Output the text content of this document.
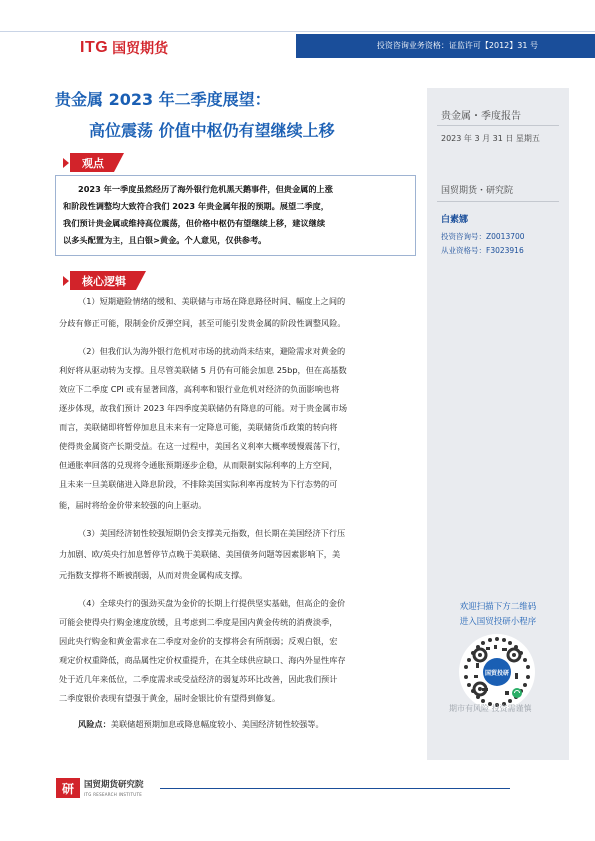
ITG 国贸期货	投资咨询业务资格：证监许可【2012】31 号
贵金属・季度报告
2023 年 3 月 31 日 星期五
国贸期货・研究院
白素娜
投资咨询号：Z0013700
从业资格号：F3023916
欢迎扫描下方二维码
进入国贸投研小程序
国贸投研
期市有风险 投资需谨慎
贵金属 2023 年二季度展望：
高位震荡 价值中枢仍有望继续上移
观点
2023 年一季度虽然经历了海外银行危机黑天鹅事件，但贵金属的上涨
和阶段性调整均大致符合我们 2023 年贵金属年报的预期。展望二季度，
我们预计贵金属或维持高位震荡，但价格中枢仍有望继续上移，建议继续
以多头配置为主，且白银>黄金。个人意见，仅供参考。
核心逻辑
（1）短期避险情绪的缓和、美联储与市场在降息路径时间、幅度上之间的
分歧有修正可能，限制金价反弹空间，甚至可能引发贵金属的阶段性调整风险。
（2）但我们认为海外银行危机对市场的扰动尚未结束，避险需求对黄金的
利好将从驱动转为支撑。且尽管美联储 5 月仍有可能会加息 25bp，但在高基数
效应下二季度 CPI 或有显著回落，高利率和银行业危机对经济的负面影响也将
逐步体现，故我们预计 2023 年四季度美联储仍有降息的可能。对于贵金属市场
而言，美联储即将暂停加息且未来有一定降息可能，美联储货币政策的转向将
使得贵金属资产长期受益。在这一过程中，美国名义利率大概率缓慢震荡下行，
但通胀率回落的兑现将令通胀预期逐步企稳，从而限制实际利率的上方空间，
且未来一旦美联储进入降息阶段，不排除美国实际利率再度转为下行态势的可
能，届时将给金价带来较强的向上驱动。
（3）美国经济韧性较强短期仍会支撑美元指数，但长期在美国经济下行压
力加剧、欧/英央行加息暂停节点晚于美联储、美国债务问题等因素影响下，美
元指数支撑将不断被削弱，从而对贵金属构成支撑。
（4）全球央行的强劲买盘为金价的长期上行提供坚实基础，但高企的金价
可能会使得央行购金速度放缓，且考虑到二季度是国内黄金传统的消费淡季，
因此央行购金和黄金需求在二季度对金价的支撑将会有所削弱；反观白银，宏
观定价权重降低，商品属性定价权重提升，在其全球供应缺口、海内外显性库存
处于近几年来低位，二季度需求或受益经济的弱复苏环比改善，因此我们预计
二季度银价表现有望强于黄金，届时金银比价有望得到修复。
风险点：美联储超预期加息或降息幅度较小、美国经济韧性较强等。
研	国贸期货研究院
ITG RESEARCH INSTITUTE
